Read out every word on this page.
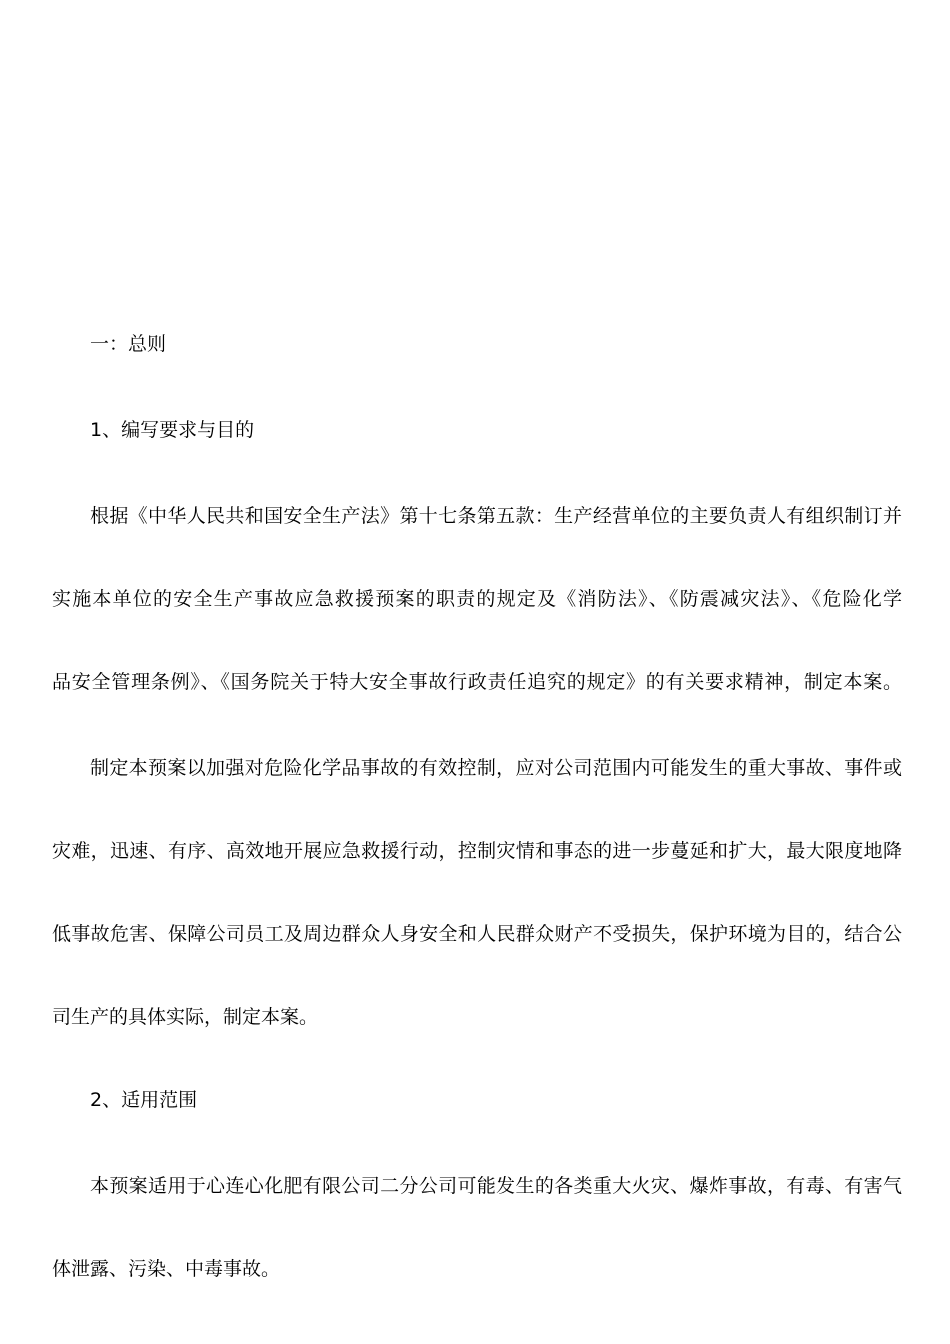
一：总则
1、编写要求与目的
根据《中华人民共和国安全生产法》第十七条第五款：生产经营单位的主要负责人有组织制订并
实施本单位的安全生产事故应急救援预案的职责的规定及《消防法》、《防震减灾法》、《危险化学
品安全管理条例》、《国务院关于特大安全事故行政责任追究的规定》的有关要求精神，制定本案。
制定本预案以加强对危险化学品事故的有效控制，应对公司范围内可能发生的重大事故、事件或
灾难，迅速、有序、高效地开展应急救援行动，控制灾情和事态的进一步蔓延和扩大，最大限度地降
低事故危害、保障公司员工及周边群众人身安全和人民群众财产不受损失，保护环境为目的，结合公
司生产的具体实际，制定本案。
2、适用范围
本预案适用于心连心化肥有限公司二分公司可能发生的各类重大火灾、爆炸事故，有毒、有害气
体泄露、污染、中毒事故。
